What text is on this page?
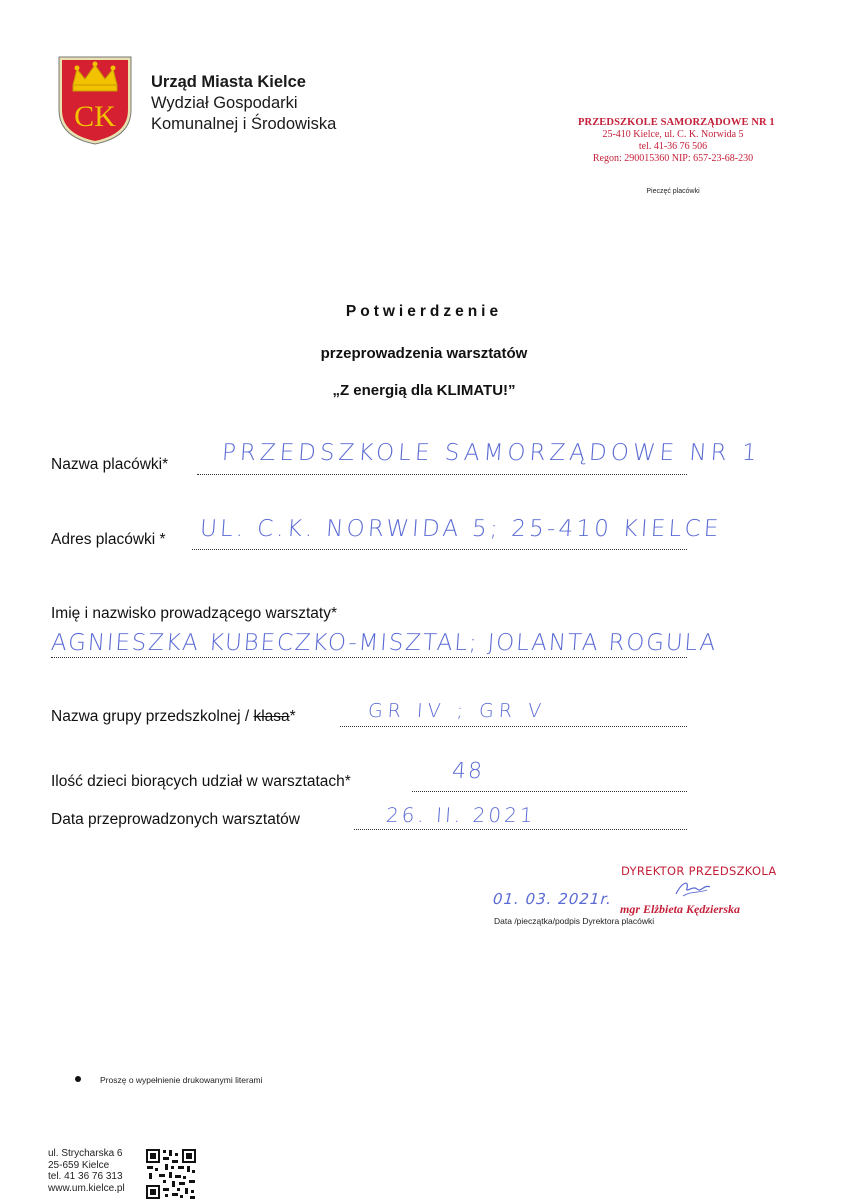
CK
Urząd Miasta Kielce
Wydział Gospodarki
Komunalnej i Środowiska	PRZEDSZKOLE SAMORZĄDOWE NR 1
25-410 Kielce, ul. C. K. Norwida 5
tel. 41-36 76 506
Regon: 290015360 NIP: 657-23-68-230
Pieczęć placówki
Potwierdzenie
przeprowadzenia warsztatów
„Z energią dla KLIMATU!”
Nazwa placówki* PRZEDSZKOLE SAMORZĄDOWE NR 1
Adres placówki * UL. C.K. NORWIDA 5; 25-410 KIELCE
Imię i nazwisko prowadzącego warsztaty*
AGNIESZKA KUBECZKO-MISZTAL; JOLANTA ROGULA
Nazwa grupy przedszkolnej / klasa*	GR IV ; GR V
Ilość dzieci biorących udział w warsztatach*	48
Data przeprowadzonych warsztatów	26. II. 2021
DYREKTOR PRZEDSZKOLA
01. 03. 2021r.
mgr Elżbieta Kędzierska
Data /pieczątka/podpis Dyrektora placówki
Proszę o wypełnienie drukowanymi literami
ul. Strycharska 6
25-659 Kielce
tel. 41 36 76 313
www.um.kielce.pl
